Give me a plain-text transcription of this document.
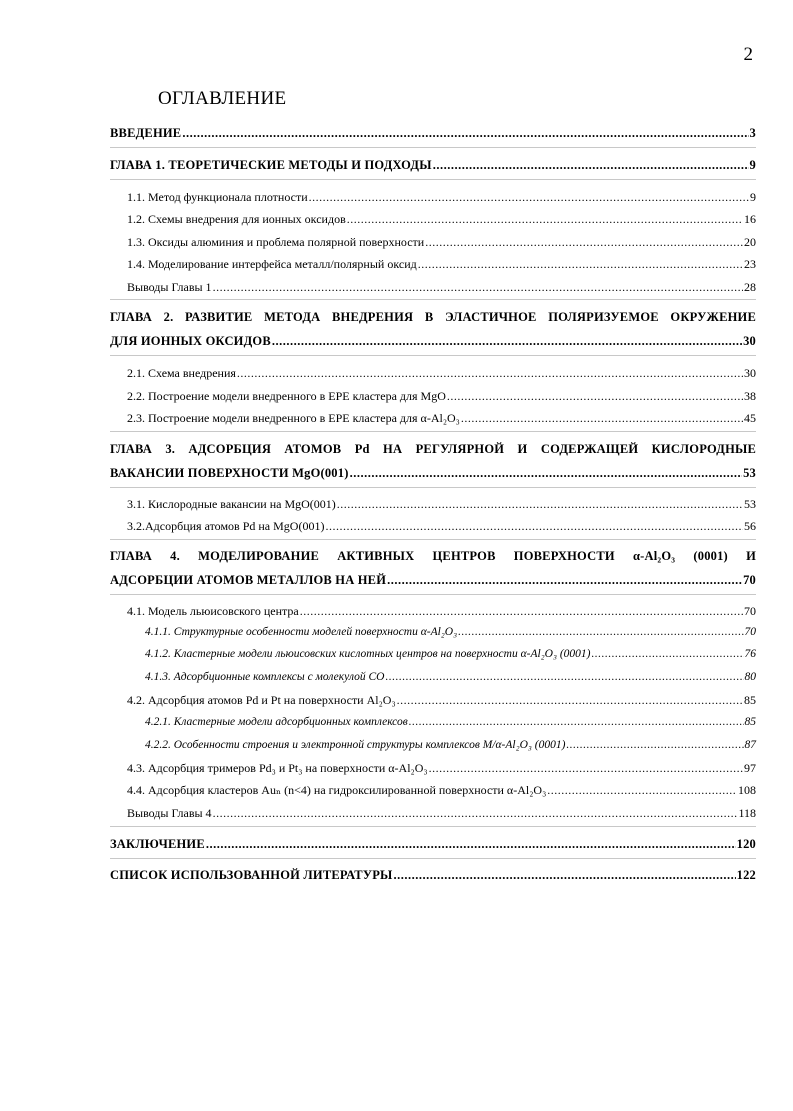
2
ОГЛАВЛЕНИЕ
ВВЕДЕНИЕ .....	3
ГЛАВА 1. ТЕОРЕТИЧЕСКИЕ МЕТОДЫ И ПОДХОДЫ .....	9
1.1. Метод функционала плотности .....	9
1.2. Схемы внедрения для ионных оксидов .....	16
1.3. Оксиды алюминия и проблема полярной поверхности .....	20
1.4. Моделирование интерфейса металл/полярный оксид .....	23
Выводы Главы 1 .....	28
ГЛАВА 2. РАЗВИТИЕ МЕТОДА ВНЕДРЕНИЯ В ЭЛАСТИЧНОЕ ПОЛЯРИЗУЕМОЕ ОКРУЖЕНИЕ
ДЛЯ ИОННЫХ ОКСИДОВ .....	30
2.1. Схема внедрения .....	30
2.2. Построение модели внедренного в ЕРЕ кластера для MgO .....	38
2.3. Построение модели внедренного в ЕРЕ кластера для α-Al₂O₃ .....	45
ГЛАВА 3. АДСОРБЦИЯ АТОМОВ Pd НА РЕГУЛЯРНОЙ И СОДЕРЖАЩЕЙ КИСЛОРОДНЫЕ
ВАКАНСИИ ПОВЕРХНОСТИ MgO(001) .....	53
3.1. Кислородные вакансии на MgO(001) .....	53
3.2.Адсорбция атомов Pd на MgO(001) .....	56
ГЛАВА 4. МОДЕЛИРОВАНИЕ АКТИВНЫХ ЦЕНТРОВ ПОВЕРХНОСТИ α-Al₂O₃ (0001) И
АДСОРБЦИИ АТОМОВ МЕТАЛЛОВ НА НЕЙ .....	70
4.1. Модель льюисовского центра .....	70
4.1.1. Структурные особенности моделей поверхности α-Al₂O₃ .....	70
4.1.2. Кластерные модели льюисовских кислотных центров на поверхности α-Al₂O₃ (0001) .....	76
4.1.3. Адсорбционные комплексы с молекулой CO .....	80
4.2. Адсорбция атомов Pd и Pt на поверхности Al₂O₃ .....	85
4.2.1. Кластерные модели адсорбционных комплексов .....	85
4.2.2. Особенности строения и электронной структуры комплексов M/α-Al₂O₃ (0001) .....	87
4.3. Адсорбция тримеров Pd₃ и Pt₃ на поверхности α-Al₂O₃ .....	97
4.4. Адсорбция кластеров Auₙ (n<4) на гидроксилированной поверхности α-Al₂O₃ .....	108
Выводы Главы 4 .....	118
ЗАКЛЮЧЕНИЕ .....	120
СПИСОК ИСПОЛЬЗОВАННОЙ ЛИТЕРАТУРЫ .....	122
